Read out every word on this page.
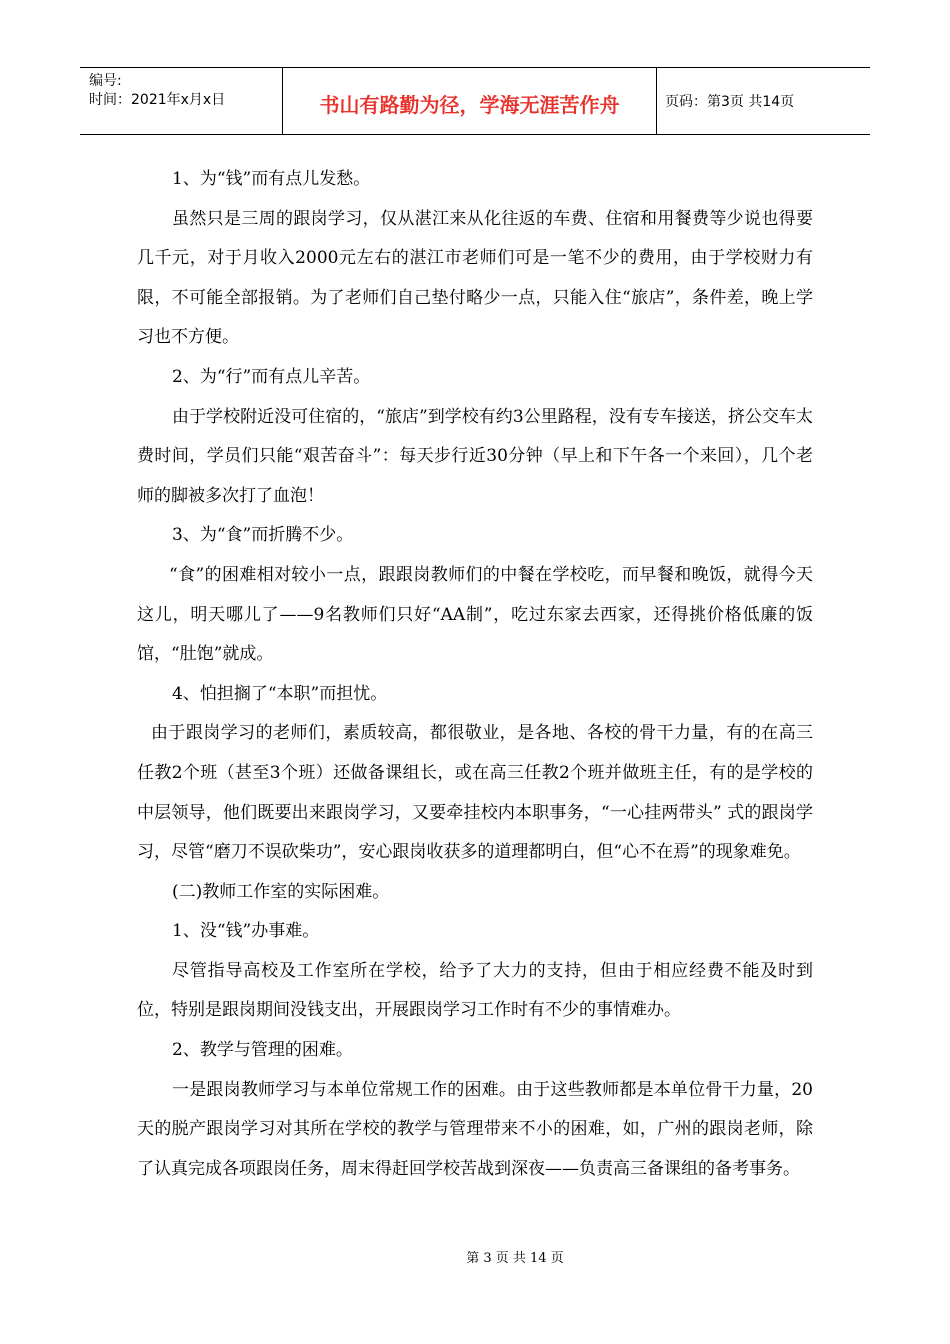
编号:
时间：2021年x月x日	书山有路勤为径，学海无涯苦作舟	页码：第3页 共14页

1、为“钱”而有点儿发愁。

虽然只是三周的跟岗学习，仅从湛江来从化往返的车费、住宿和用餐费等少说也得要几千元，对于月收入2000元左右的湛江市老师们可是一笔不少的费用，由于学校财力有限，不可能全部报销。为了老师们自己垫付略少一点，只能入住“旅店”，条件差，晚上学习也不方便。

2、为“行”而有点儿辛苦。

由于学校附近没可住宿的，“旅店”到学校有约3公里路程，没有专车接送，挤公交车太费时间，学员们只能“艰苦奋斗”：每天步行近30分钟（早上和下午各一个来回），几个老师的脚被多次打了血泡！

3、为“食”而折腾不少。

“食”的困难相对较小一点，跟跟岗教师们的中餐在学校吃，而早餐和晚饭，就得今天这儿，明天哪儿了——9名教师们只好“AA制”，吃过东家去西家，还得挑价格低廉的饭馆，“肚饱”就成。

4、怕担搁了“本职”而担忧。

由于跟岗学习的老师们，素质较高，都很敬业，是各地、各校的骨干力量，有的在高三任教2个班（甚至3个班）还做备课组长，或在高三任教2个班并做班主任，有的是学校的中层领导，他们既要出来跟岗学习，又要牵挂校内本职事务，“一心挂两带头” 式的跟岗学习，尽管“磨刀不误砍柴功”，安心跟岗收获多的道理都明白，但“心不在焉”的现象难免。

(二)教师工作室的实际困难。

1、没“钱”办事难。

尽管指导高校及工作室所在学校，给予了大力的支持，但由于相应经费不能及时到位，特别是跟岗期间没钱支出，开展跟岗学习工作时有不少的事情难办。

2、教学与管理的困难。

一是跟岗教师学习与本单位常规工作的困难。由于这些教师都是本单位骨干力量，20天的脱产跟岗学习对其所在学校的教学与管理带来不小的困难，如，广州的跟岗老师，除了认真完成各项跟岗任务，周末得赶回学校苦战到深夜——负责高三备课组的备考事务。

第 3 页 共 14 页
